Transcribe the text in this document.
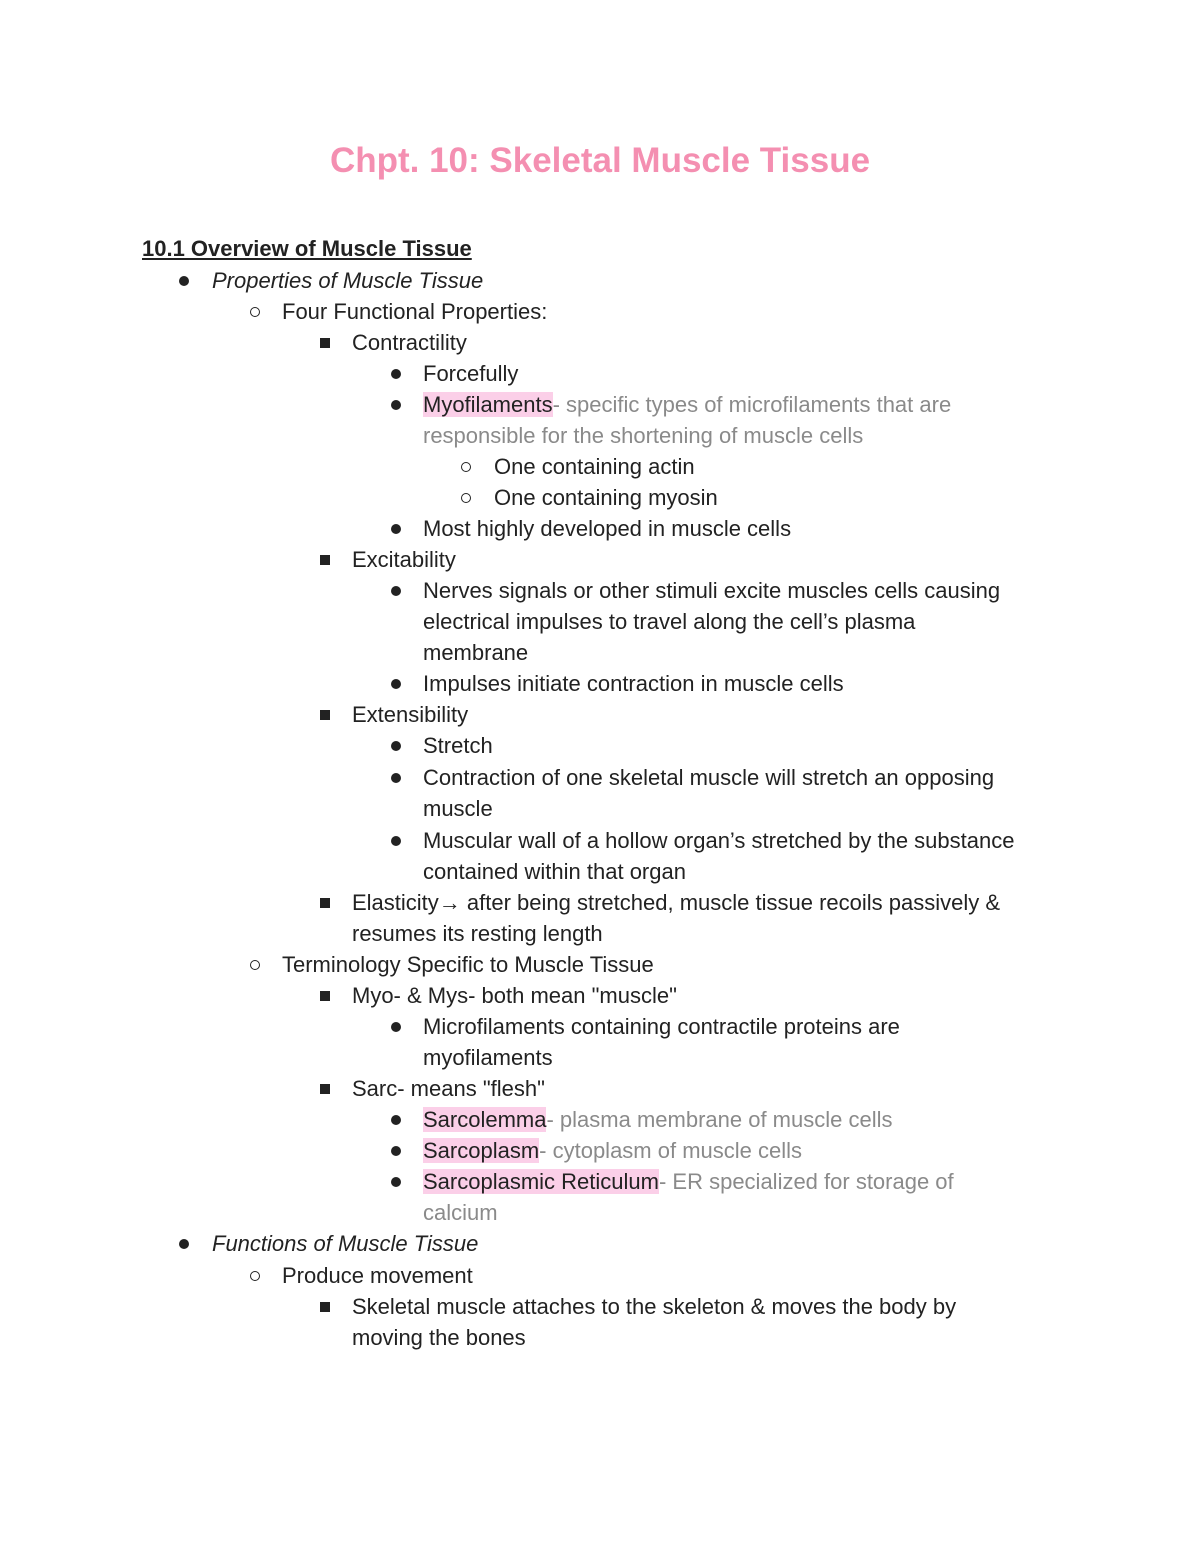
Chpt. 10: Skeletal Muscle Tissue
10.1 Overview of Muscle Tissue
Properties of Muscle Tissue
Four Functional Properties:
Contractility
Forcefully
Myofilaments- specific types of microfilaments that are
responsible for the shortening of muscle cells
One containing actin
One containing myosin
Most highly developed in muscle cells
Excitability
Nerves signals or other stimuli excite muscles cells causing
electrical impulses to travel along the cell’s plasma
membrane
Impulses initiate contraction in muscle cells
Extensibility
Stretch
Contraction of one skeletal muscle will stretch an opposing
muscle
Muscular wall of a hollow organ’s stretched by the substance
contained within that organ
Elasticity→ after being stretched, muscle tissue recoils passively &
resumes its resting length
Terminology Specific to Muscle Tissue
Myo- & Mys- both mean "muscle"
Microfilaments containing contractile proteins are
myofilaments
Sarc- means "flesh"
Sarcolemma- plasma membrane of muscle cells
Sarcoplasm- cytoplasm of muscle cells
Sarcoplasmic Reticulum- ER specialized for storage of
calcium
Functions of Muscle Tissue
Produce movement
Skeletal muscle attaches to the skeleton & moves the body by
moving the bones
